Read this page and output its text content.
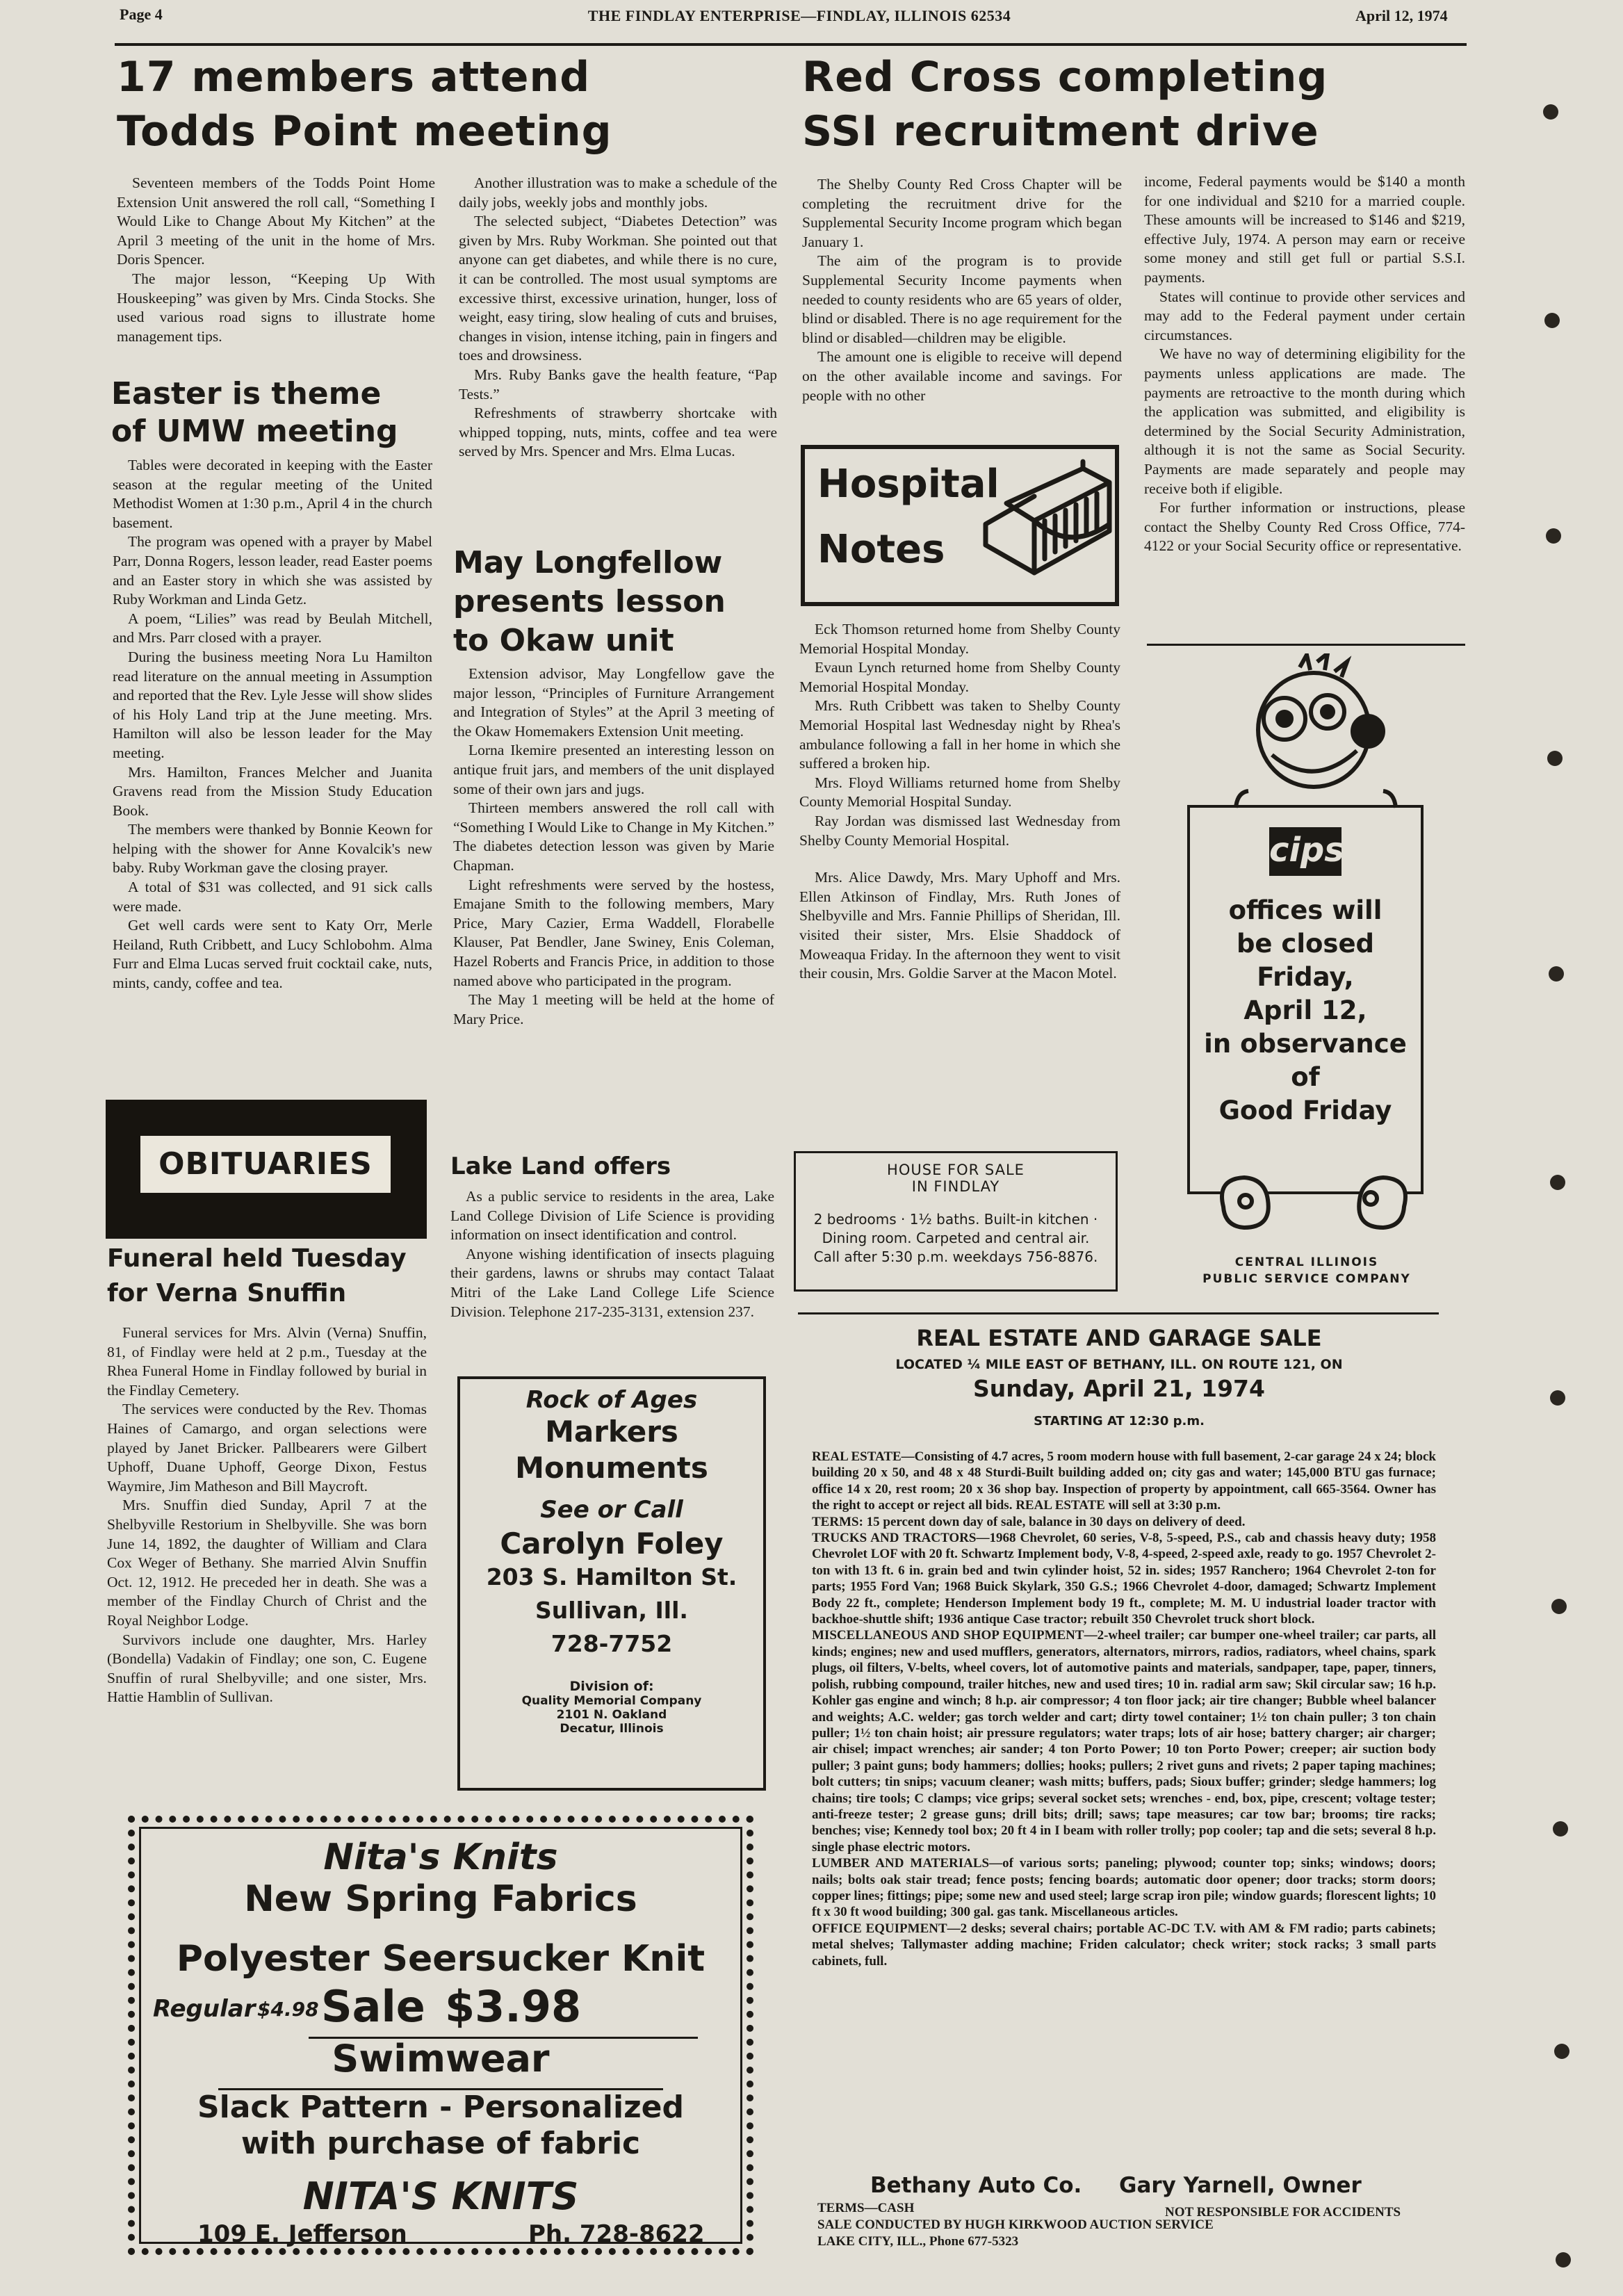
Page 4	THE FINDLAY ENTERPRISE—FINDLAY, ILLINOIS 62534	April 12, 1974
17 members attend
Todds Point meeting

Seventeen members of the Todds Point Home Extension Unit answered the roll call, “Something I Would Like to Change About My Kitchen” at the April 3 meeting of the unit in the home of Mrs. Doris Spencer.

The major lesson, “Keeping Up With Houskeeping” was given by Mrs. Cinda Stocks. She used various road signs to illustrate home management tips.

Another illustration was to make a schedule of the daily jobs, weekly jobs and monthly jobs.

The selected subject, “Diabetes Detection” was given by Mrs. Ruby Workman. She pointed out that anyone can get diabetes, and while there is no cure, it can be controlled. The most usual symptoms are excessive thirst, excessive urination, hunger, loss of weight, easy tiring, slow healing of cuts and bruises, changes in vision, intense itching, pain in fingers and toes and drowsiness.

Mrs. Ruby Banks gave the health feature, “Pap Tests.”

Refreshments of strawberry shortcake with whipped topping, nuts, mints, coffee and tea were served by Mrs. Spencer and Mrs. Elma Lucas.

Easter is theme
of UMW meeting

Tables were decorated in keeping with the Easter season at the regular meeting of the United Methodist Women at 1:30 p.m., April 4 in the church basement.

The program was opened with a prayer by Mabel Parr, Donna Rogers, lesson leader, read Easter poems and an Easter story in which she was assisted by Ruby Workman and Linda Getz.

A poem, “Lilies” was read by Beulah Mitchell, and Mrs. Parr closed with a prayer.

During the business meeting Nora Lu Hamilton read literature on the annual meeting in Assumption and reported that the Rev. Lyle Jesse will show slides of his Holy Land trip at the June meeting. Mrs. Hamilton will also be lesson leader for the May meeting.

Mrs. Hamilton, Frances Melcher and Juanita Gravens read from the Mission Study Education Book.

The members were thanked by Bonnie Keown for helping with the shower for Anne Kovalcik's new baby. Ruby Workman gave the closing prayer.

A total of $31 was collected, and 91 sick calls were made.

Get well cards were sent to Katy Orr, Merle Heiland, Ruth Cribbett, and Lucy Schlobohm. Alma Furr and Elma Lucas served fruit cocktail cake, nuts, mints, candy, coffee and tea.

May Longfellow
presents lesson
to Okaw unit

Extension advisor, May Longfellow gave the major lesson, “Principles of Furniture Arrangement and Integration of Styles” at the April 3 meeting of the Okaw Homemakers Extension Unit meeting.

Lorna Ikemire presented an interesting lesson on antique fruit jars, and members of the unit displayed some of their own jars and jugs.

Thirteen members answered the roll call with “Something I Would Like to Change in My Kitchen.” The diabetes detection lesson was given by Marie Chapman.

Light refreshments were served by the hostess, Emajane Smith to the following members, Mary Price, Mary Cazier, Erma Waddell, Florabelle Klauser, Pat Bendler, Jane Swiney, Enis Coleman, Hazel Roberts and Francis Price, in addition to those named above who participated in the program.

The May 1 meeting will be held at the home of Mary Price.

OBITUARIES
Funeral held Tuesday
for Verna Snuffin

Funeral services for Mrs. Alvin (Verna) Snuffin, 81, of Findlay were held at 2 p.m., Tuesday at the Rhea Funeral Home in Findlay followed by burial in the Findlay Cemetery.

The services were conducted by the Rev. Thomas Haines of Camargo, and organ selections were played by Janet Bricker. Pallbearers were Gilbert Uphoff, Duane Uphoff, George Dixon, Festus Waymire, Jim Matheson and Bill Maycroft.

Mrs. Snuffin died Sunday, April 7 at the Shelbyville Restorium in Shelbyville. She was born June 14, 1892, the daughter of William and Clara Cox Weger of Bethany. She married Alvin Snuffin Oct. 12, 1912. He preceded her in death. She was a member of the Findlay Church of Christ and the Royal Neighbor Lodge.

Survivors include one daughter, Mrs. Harley (Bondella) Vadakin of Findlay; one son, C. Eugene Snuffin of rural Shelbyville; and one sister, Mrs. Hattie Hamblin of Sullivan.

Lake Land offers

As a public service to residents in the area, Lake Land College Division of Life Science is providing information on insect identification and control.

Anyone wishing identification of insects plaguing their gardens, lawns or shrubs may contact Talaat Mitri of the Lake Land College Life Science Division. Telephone 217-235-3131, extension 237.

Rock of Ages
Markers
Monuments
See or Call
Carolyn Foley
203 S. Hamilton St.
Sullivan, Ill.
728-7752
Division of:
Quality Memorial Company
2101 N. Oakland
Decatur, Illinois
Nita's Knits
New Spring Fabrics
Polyester Seersucker Knit
Regular $4.98 Sale $3.98
Swimwear
Slack Pattern - Personalized
with purchase of fabric
NITA'S KNITS
109 E. Jefferson	Ph. 728-8622
Red Cross completing
SSI recruitment drive

The Shelby County Red Cross Chapter will be completing the recruitment drive for the Supplemental Security Income program which began January 1.

The aim of the program is to provide Supplemental Security Income payments when needed to county residents who are 65 years of older, blind or disabled. There is no age requirement for the blind or disabled—children may be eligible.

The amount one is eligible to receive will depend on the other available income and savings. For people with no other

income, Federal payments would be $140 a month for one individual and $210 for a married couple. These amounts will be increased to $146 and $219, effective July, 1974. A person may earn or receive some money and still get full or partial S.S.I. payments.

States will continue to provide other services and may add to the Federal payment under certain circumstances.

We have no way of determining eligibility for the payments unless applications are made. The payments are retroactive to the month during which the application was submitted, and eligibility is determined by the Social Security Administration, although it is not the same as Social Security. Payments are made separately and people may receive both if eligible.

For further information or instructions, please contact the Shelby County Red Cross Office, 774-4122 or your Social Security office or representative.

Hospital
Notes

Eck Thomson returned home from Shelby County Memorial Hospital Monday.

Evaun Lynch returned home from Shelby County Memorial Hospital Monday.

Mrs. Ruth Cribbett was taken to Shelby County Memorial Hospital last Wednesday night by Rhea's ambulance following a fall in her home in which she suffered a broken hip.

Mrs. Floyd Williams returned home from Shelby County Memorial Hospital Sunday.

Ray Jordan was dismissed last Wednesday from Shelby County Memorial Hospital.

Mrs. Alice Dawdy, Mrs. Mary Uphoff and Mrs. Ellen Atkinson of Findlay, Mrs. Ruth Jones of Shelbyville and Mrs. Fannie Phillips of Sheridan, Ill. visited their sister, Mrs. Elsie Shaddock of Moweaqua Friday. In the afternoon they went to visit their cousin, Mrs. Goldie Sarver at the Macon Motel.

HOUSE FOR SALE
IN FINDLAY
2 bedrooms · 1½ baths. Built-in kitchen · Dining room. Carpeted and central air. Call after 5:30 p.m. weekdays 756-8876.
cips
offices will
be closed
Friday,
April 12,
in observance
of
Good Friday
CENTRAL ILLINOIS
PUBLIC SERVICE COMPANY
REAL ESTATE AND GARAGE SALE
LOCATED ¼ MILE EAST OF BETHANY, ILL. ON ROUTE 121, ON
Sunday, April 21, 1974
STARTING AT 12:30 p.m.

REAL ESTATE—Consisting of 4.7 acres, 5 room modern house with full basement, 2-car garage 24 x 24; block building 20 x 50, and 48 x 48 Sturdi-Built building added on; city gas and water; 145,000 BTU gas furnace; office 14 x 20, rest room; 20 x 36 shop bay. Inspection of property by appointment, call 665-3564. Owner has the right to accept or reject all bids. REAL ESTATE will sell at 3:30 p.m.

TERMS: 15 percent down day of sale, balance in 30 days on delivery of deed.

TRUCKS AND TRACTORS—1968 Chevrolet, 60 series, V-8, 5-speed, P.S., cab and chassis heavy duty; 1958 Chevrolet LOF with 20 ft. Schwartz Implement body, V-8, 4-speed, 2-speed axle, ready to go. 1957 Chevrolet 2-ton with 13 ft. 6 in. grain bed and twin cylinder hoist, 52 in. sides; 1957 Ranchero; 1964 Chevrolet 2-ton for parts; 1955 Ford Van; 1968 Buick Skylark, 350 G.S.; 1966 Chevrolet 4-door, damaged; Schwartz Implement Body 22 ft., complete; Henderson Implement body 19 ft., complete; M. M. U industrial loader tractor with backhoe-shuttle shift; 1936 antique Case tractor; rebuilt 350 Chevrolet truck short block.

MISCELLANEOUS AND SHOP EQUIPMENT—2-wheel trailer; car bumper one-wheel trailer; car parts, all kinds; engines; new and used mufflers, generators, alternators, mirrors, radios, radiators, wheel chains, spark plugs, oil filters, V-belts, wheel covers, lot of automotive paints and materials, sandpaper, tape, paper, tinners, polish, rubbing compound, trailer hitches, new and used tires; 10 in. radial arm saw; Skil circular saw; 16 h.p. Kohler gas engine and winch; 8 h.p. air compressor; 4 ton floor jack; air tire changer; Bubble wheel balancer and weights; A.C. welder; gas torch welder and cart; dirty towel container; 1½ ton chain puller; 3 ton chain puller; 1½ ton chain hoist; air pressure regulators; water traps; lots of air hose; battery charger; air charger; air chisel; impact wrenches; air sander; 4 ton Porto Power; 10 ton Porto Power; creeper; air suction body puller; 3 paint guns; body hammers; dollies; hooks; pullers; 2 rivet guns and rivets; 2 paper taping machines; bolt cutters; tin snips; vacuum cleaner; wash mitts; buffers, pads; Sioux buffer; grinder; sledge hammers; log chains; tire tools; C clamps; vice grips; several socket sets; wrenches - end, box, pipe, crescent; voltage tester; anti-freeze tester; 2 grease guns; drill bits; drill; saws; tape measures; car tow bar; brooms; tire racks; benches; vise; Kennedy tool box; 20 ft 4 in I beam with roller trolly; pop cooler; tap and die sets; several 8 h.p. single phase electric motors.

LUMBER AND MATERIALS—of various sorts; paneling; plywood; counter top; sinks; windows; doors; nails; bolts oak stair tread; fence posts; fencing boards; automatic door opener; door tracks; storm doors; copper lines; fittings; pipe; some new and used steel; large scrap iron pile; window guards; florescent lights; 10 ft x 30 ft wood building; 300 gal. gas tank. Miscellaneous articles.

OFFICE EQUIPMENT—2 desks; several chairs; portable AC-DC T.V. with AM & FM radio; parts cabinets; metal shelves; Tallymaster adding machine; Friden calculator; check writer; stock racks; 3 small parts cabinets, full.

Bethany Auto Co. Gary Yarnell, Owner
TERMS—CASH	NOT RESPONSIBLE FOR ACCIDENTS
SALE CONDUCTED BY HUGH KIRKWOOD AUCTION SERVICE
LAKE CITY, ILL., Phone 677-5323
